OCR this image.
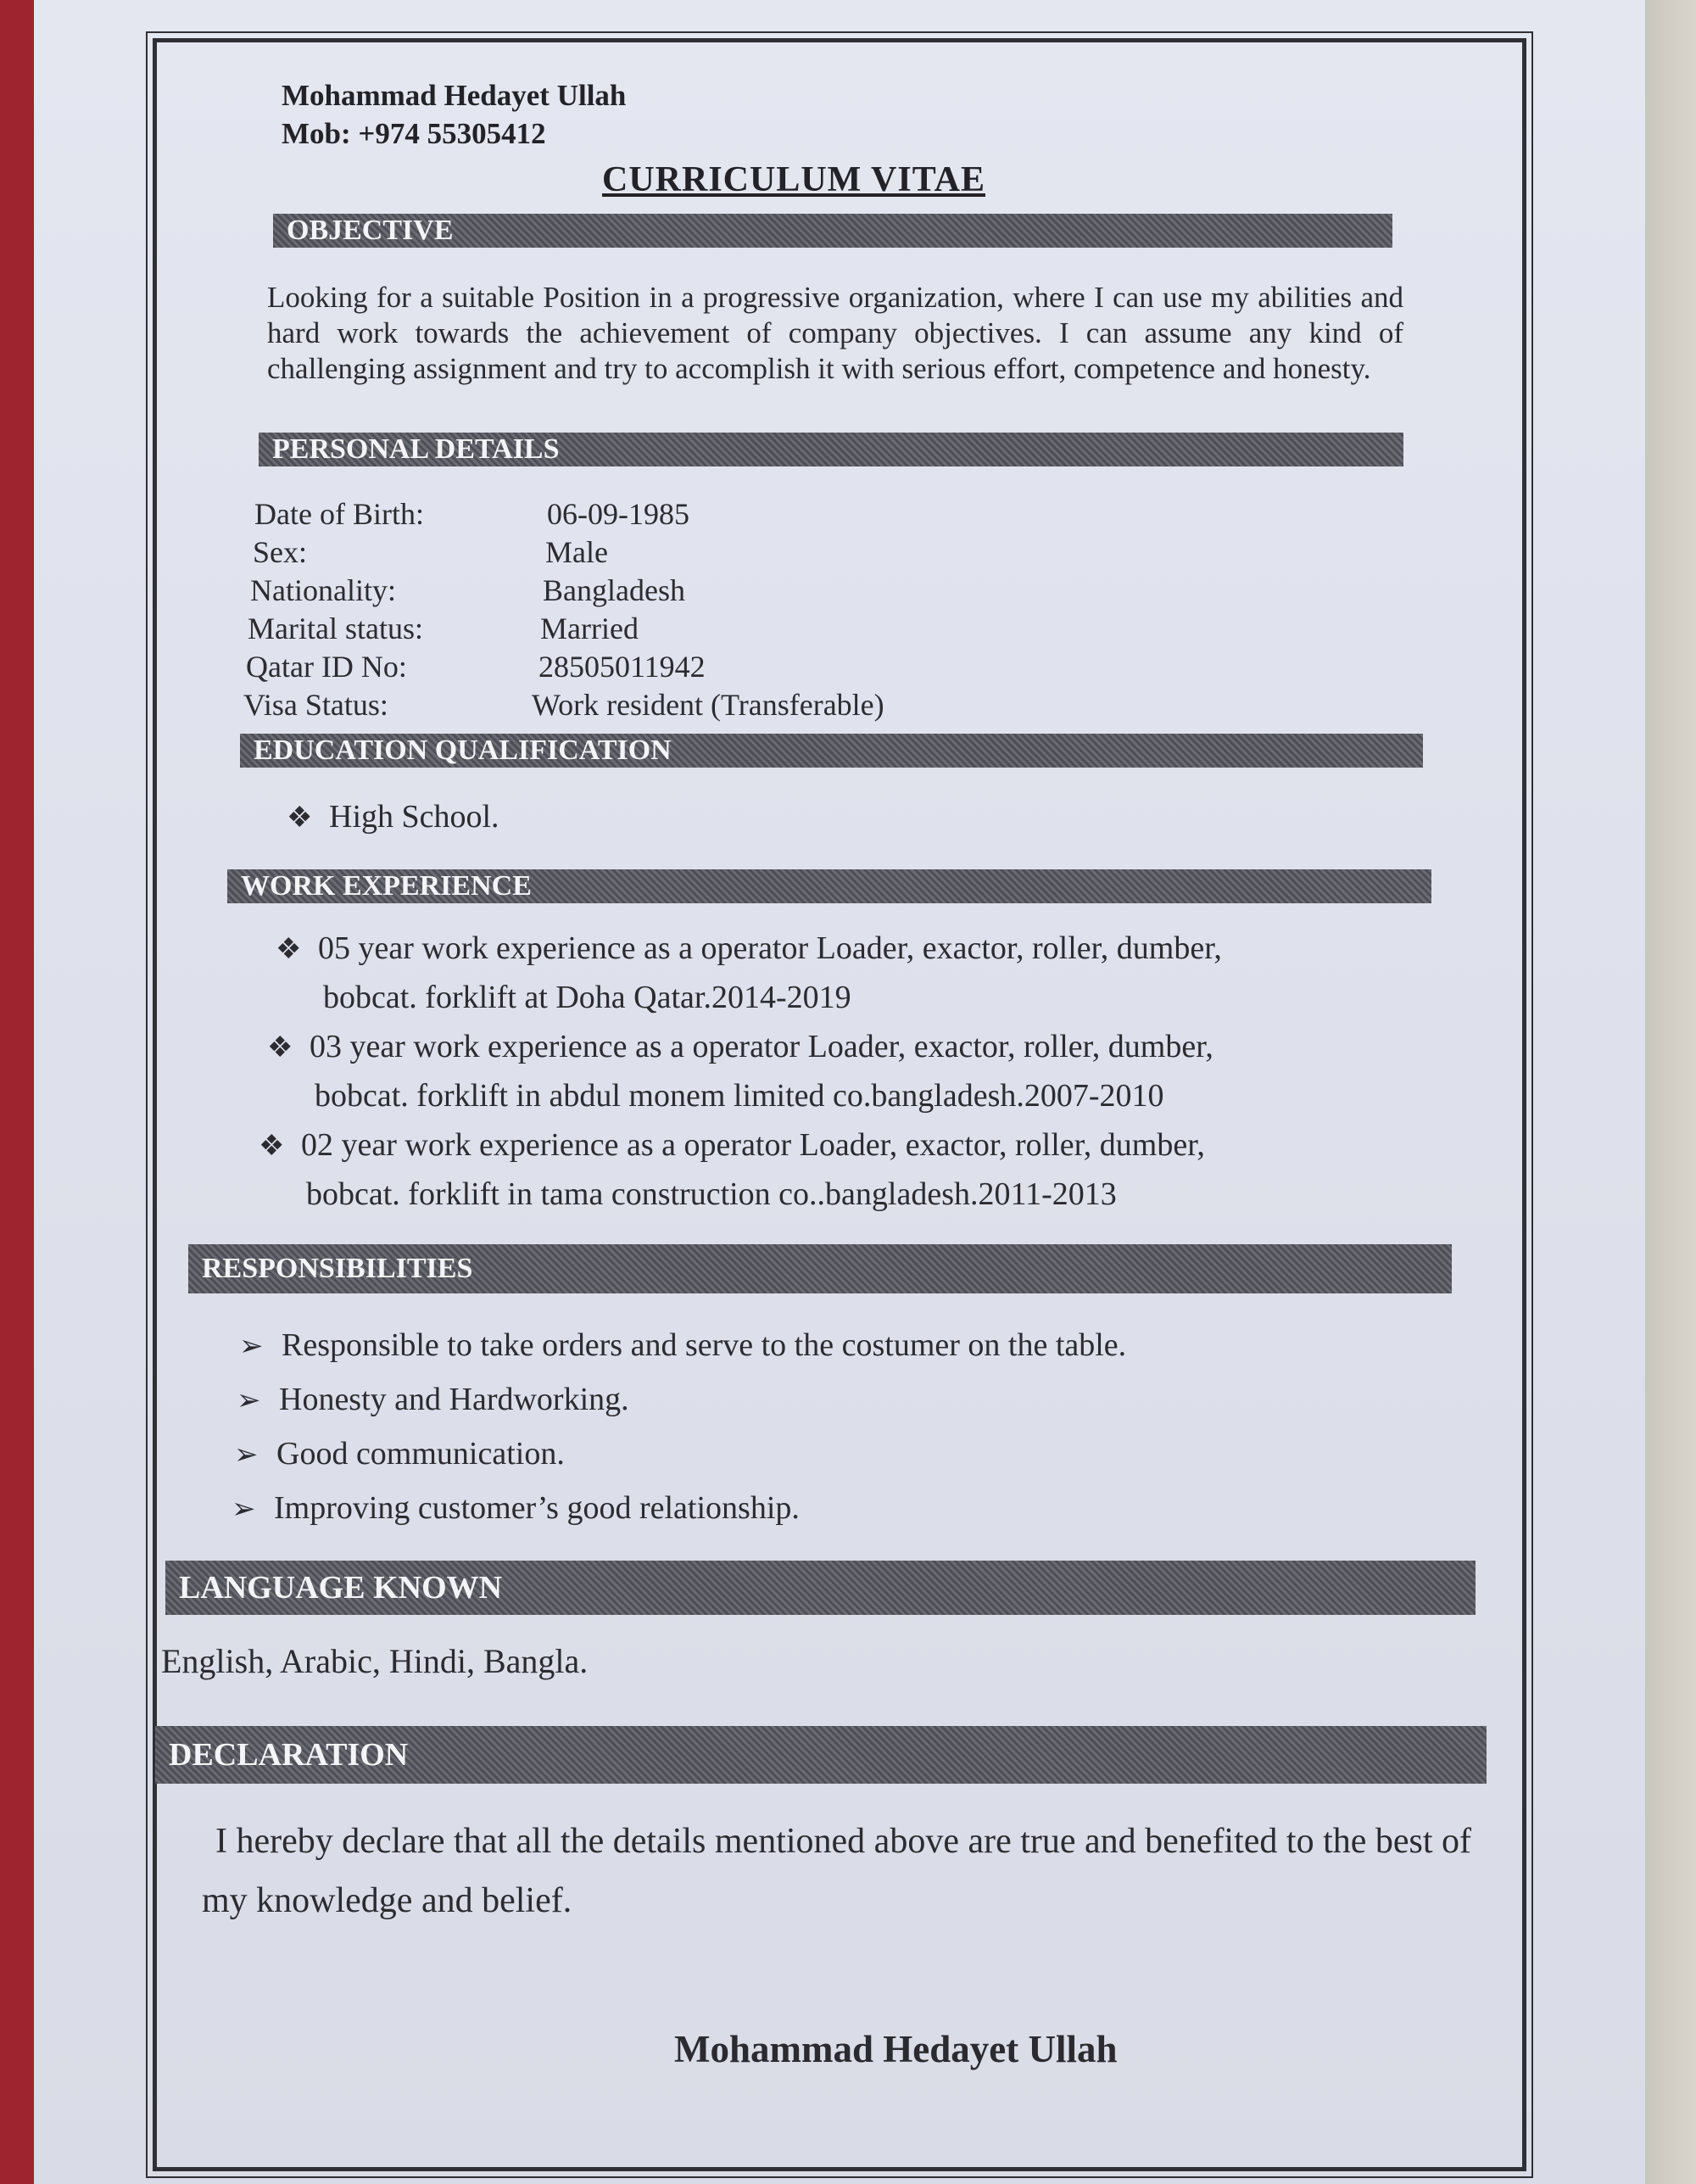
Mohammad Hedayet Ullah
Mob: +974 55305412
CURRICULUM VITAE
OBJECTIVE
Looking for a suitable Position in a progressive organization, where I can use my abilities and hard work towards the achievement of company objectives. I can assume any kind of challenging assignment and try to accomplish it with serious effort, competence and honesty.
PERSONAL DETAILS
Date of Birth:	06-09-1985
Sex:	Male
Nationality:	Bangladesh
Marital status:	Married
Qatar ID No:	28505011942
Visa Status:	Work resident (Transferable)
EDUCATION QUALIFICATION
❖ High School.
WORK EXPERIENCE
❖ 05 year work experience as a operator Loader, exactor, roller, dumber,
bobcat. forklift at Doha Qatar.2014-2019
❖ 03 year work experience as a operator Loader, exactor, roller, dumber,
bobcat. forklift in abdul monem limited co.bangladesh.2007-2010
❖ 02 year work experience as a operator Loader, exactor, roller, dumber,
bobcat. forklift in tama construction co..bangladesh.2011-2013
RESPONSIBILITIES
➢ Responsible to take orders and serve to the costumer on the table.
➢ Honesty and Hardworking.
➢ Good communication.
➢ Improving customer’s good relationship.
LANGUAGE KNOWN
English, Arabic, Hindi, Bangla.
DECLARATION
I hereby declare that all the details mentioned above are true and benefited to the best of my knowledge and belief.
Mohammad Hedayet Ullah
